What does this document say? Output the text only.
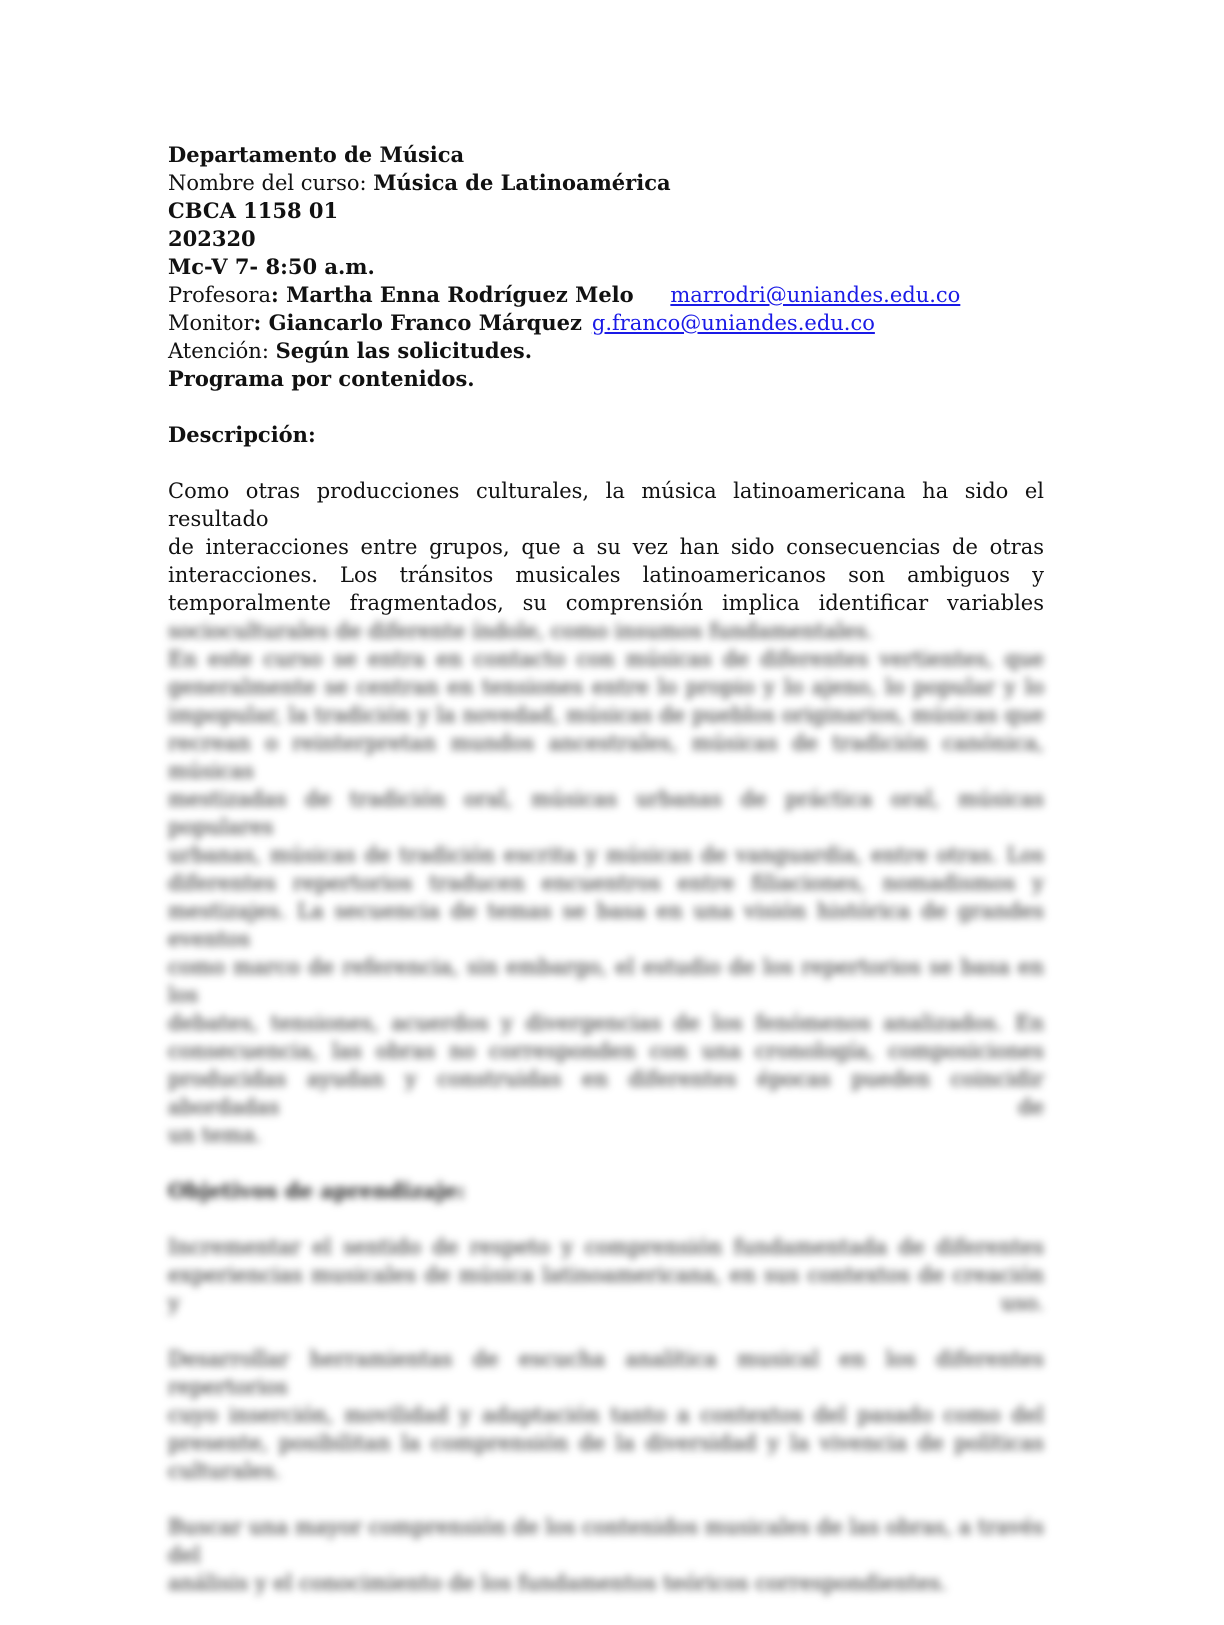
Departamento de Música
Nombre del curso: Música de Latinoamérica
CBCA 1158 01
202320
Mc-V 7- 8:50 a.m.
Profesora: Martha Enna Rodríguez Melo marrodri@uniandes.edu.co
Monitor: Giancarlo Franco Márquez g.franco@uniandes.edu.co
Atención: Según las solicitudes.
Programa por contenidos.
Descripción:
Como otras producciones culturales, la música latinoamericana ha sido el resultado
de interacciones entre grupos, que a su vez han sido consecuencias de otras
interacciones. Los tránsitos musicales latinoamericanos son ambiguos y
temporalmente fragmentados, su comprensión implica identificar variables
socioculturales de diferente índole, como insumos fundamentales.
En este curso se entra en contacto con músicas de diferentes vertientes, que
generalmente se centran en tensiones entre lo propio y lo ajeno, lo popular y lo
impopular, la tradición y la novedad, músicas de pueblos originarios, músicas que
recrean o reinterpretan mundos ancestrales, músicas de tradición canónica, músicas
mestizadas de tradición oral, músicas urbanas de práctica oral, músicas populares
urbanas, músicas de tradición escrita y músicas de vanguardia, entre otras. Los
diferentes repertorios traducen encuentros entre filiaciones, nomadismos y
mestizajes. La secuencia de temas se basa en una visión histórica de grandes eventos
como marco de referencia, sin embargo, el estudio de los repertorios se basa en los
debates, tensiones, acuerdos y divergencias de los fenómenos analizados. En
consecuencia, las obras no corresponden con una cronología, composiciones
producidas ayudan y construidas en diferentes épocas pueden coincidir abordadas de
un tema.
Objetivos de aprendizaje:
Incrementar el sentido de respeto y comprensión fundamentada de diferentes
experiencias musicales de música latinoamericana, en sus contextos de creación y uso.
Desarrollar herramientas de escucha analítica musical en los diferentes repertorios
cuyo inserción, movilidad y adaptación tanto a contextos del pasado como del
presente, posibilitan la comprensión de la diversidad y la vivencia de políticas
culturales.
Buscar una mayor comprensión de los contenidos musicales de las obras, a través del
análisis y el conocimiento de los fundamentos teóricos correspondientes.
